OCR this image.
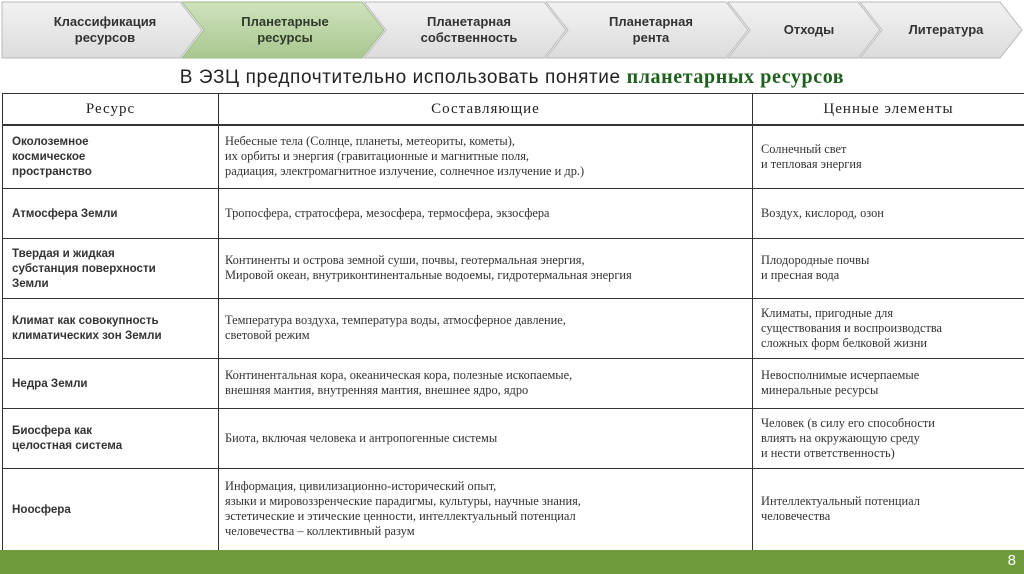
Классификация
ресурсов
Планетарные
ресурсы
Планетарная
собственность
Планетарная
рента
Отходы	Литература
В ЭЗЦ предпочтительно использовать понятие планетарных ресурсов
Ресурс	Составляющие	Ценные элементы
Околоземное
космическое
пространство	Небесные тела (Солнце, планеты, метеориты, кометы),
их орбиты и энергия (гравитационные и магнитные поля,
радиация, электромагнитное излучение, солнечное излучение и др.)	Солнечный свет
и тепловая энергия
Атмосфера Земли	Тропосфера, стратосфера, мезосфера, термосфера, экзосфера	Воздух, кислород, озон
Твердая и жидкая
субстанция поверхности
Земли	Континенты и острова земной суши, почвы, геотермальная энергия,
Мировой океан, внутриконтинентальные водоемы, гидротермальная энергия	Плодородные почвы
и пресная вода
Климат как совокупность
климатических зон Земли	Температура воздуха, температура воды, атмосферное давление,
световой режим	Климаты, пригодные для
существования и воспроизводства
сложных форм белковой жизни
Недра Земли	Континентальная кора, океаническая кора, полезные ископаемые,
внешняя мантия, внутренняя мантия, внешнее ядро, ядро	Невосполнимые исчерпаемые
минеральные ресурсы
Биосфера как
целостная система	Биота, включая человека и антропогенные системы	Человек (в силу его способности
влиять на окружающую среду
и нести ответственность)
Ноосфера	Информация, цивилизационно-исторический опыт,
языки и мировоззренческие парадигмы, культуры, научные знания,
эстетические и этические ценности, интеллектуальный потенциал
человечества – коллективный разум	Интеллектуальный потенциал
человечества
8
